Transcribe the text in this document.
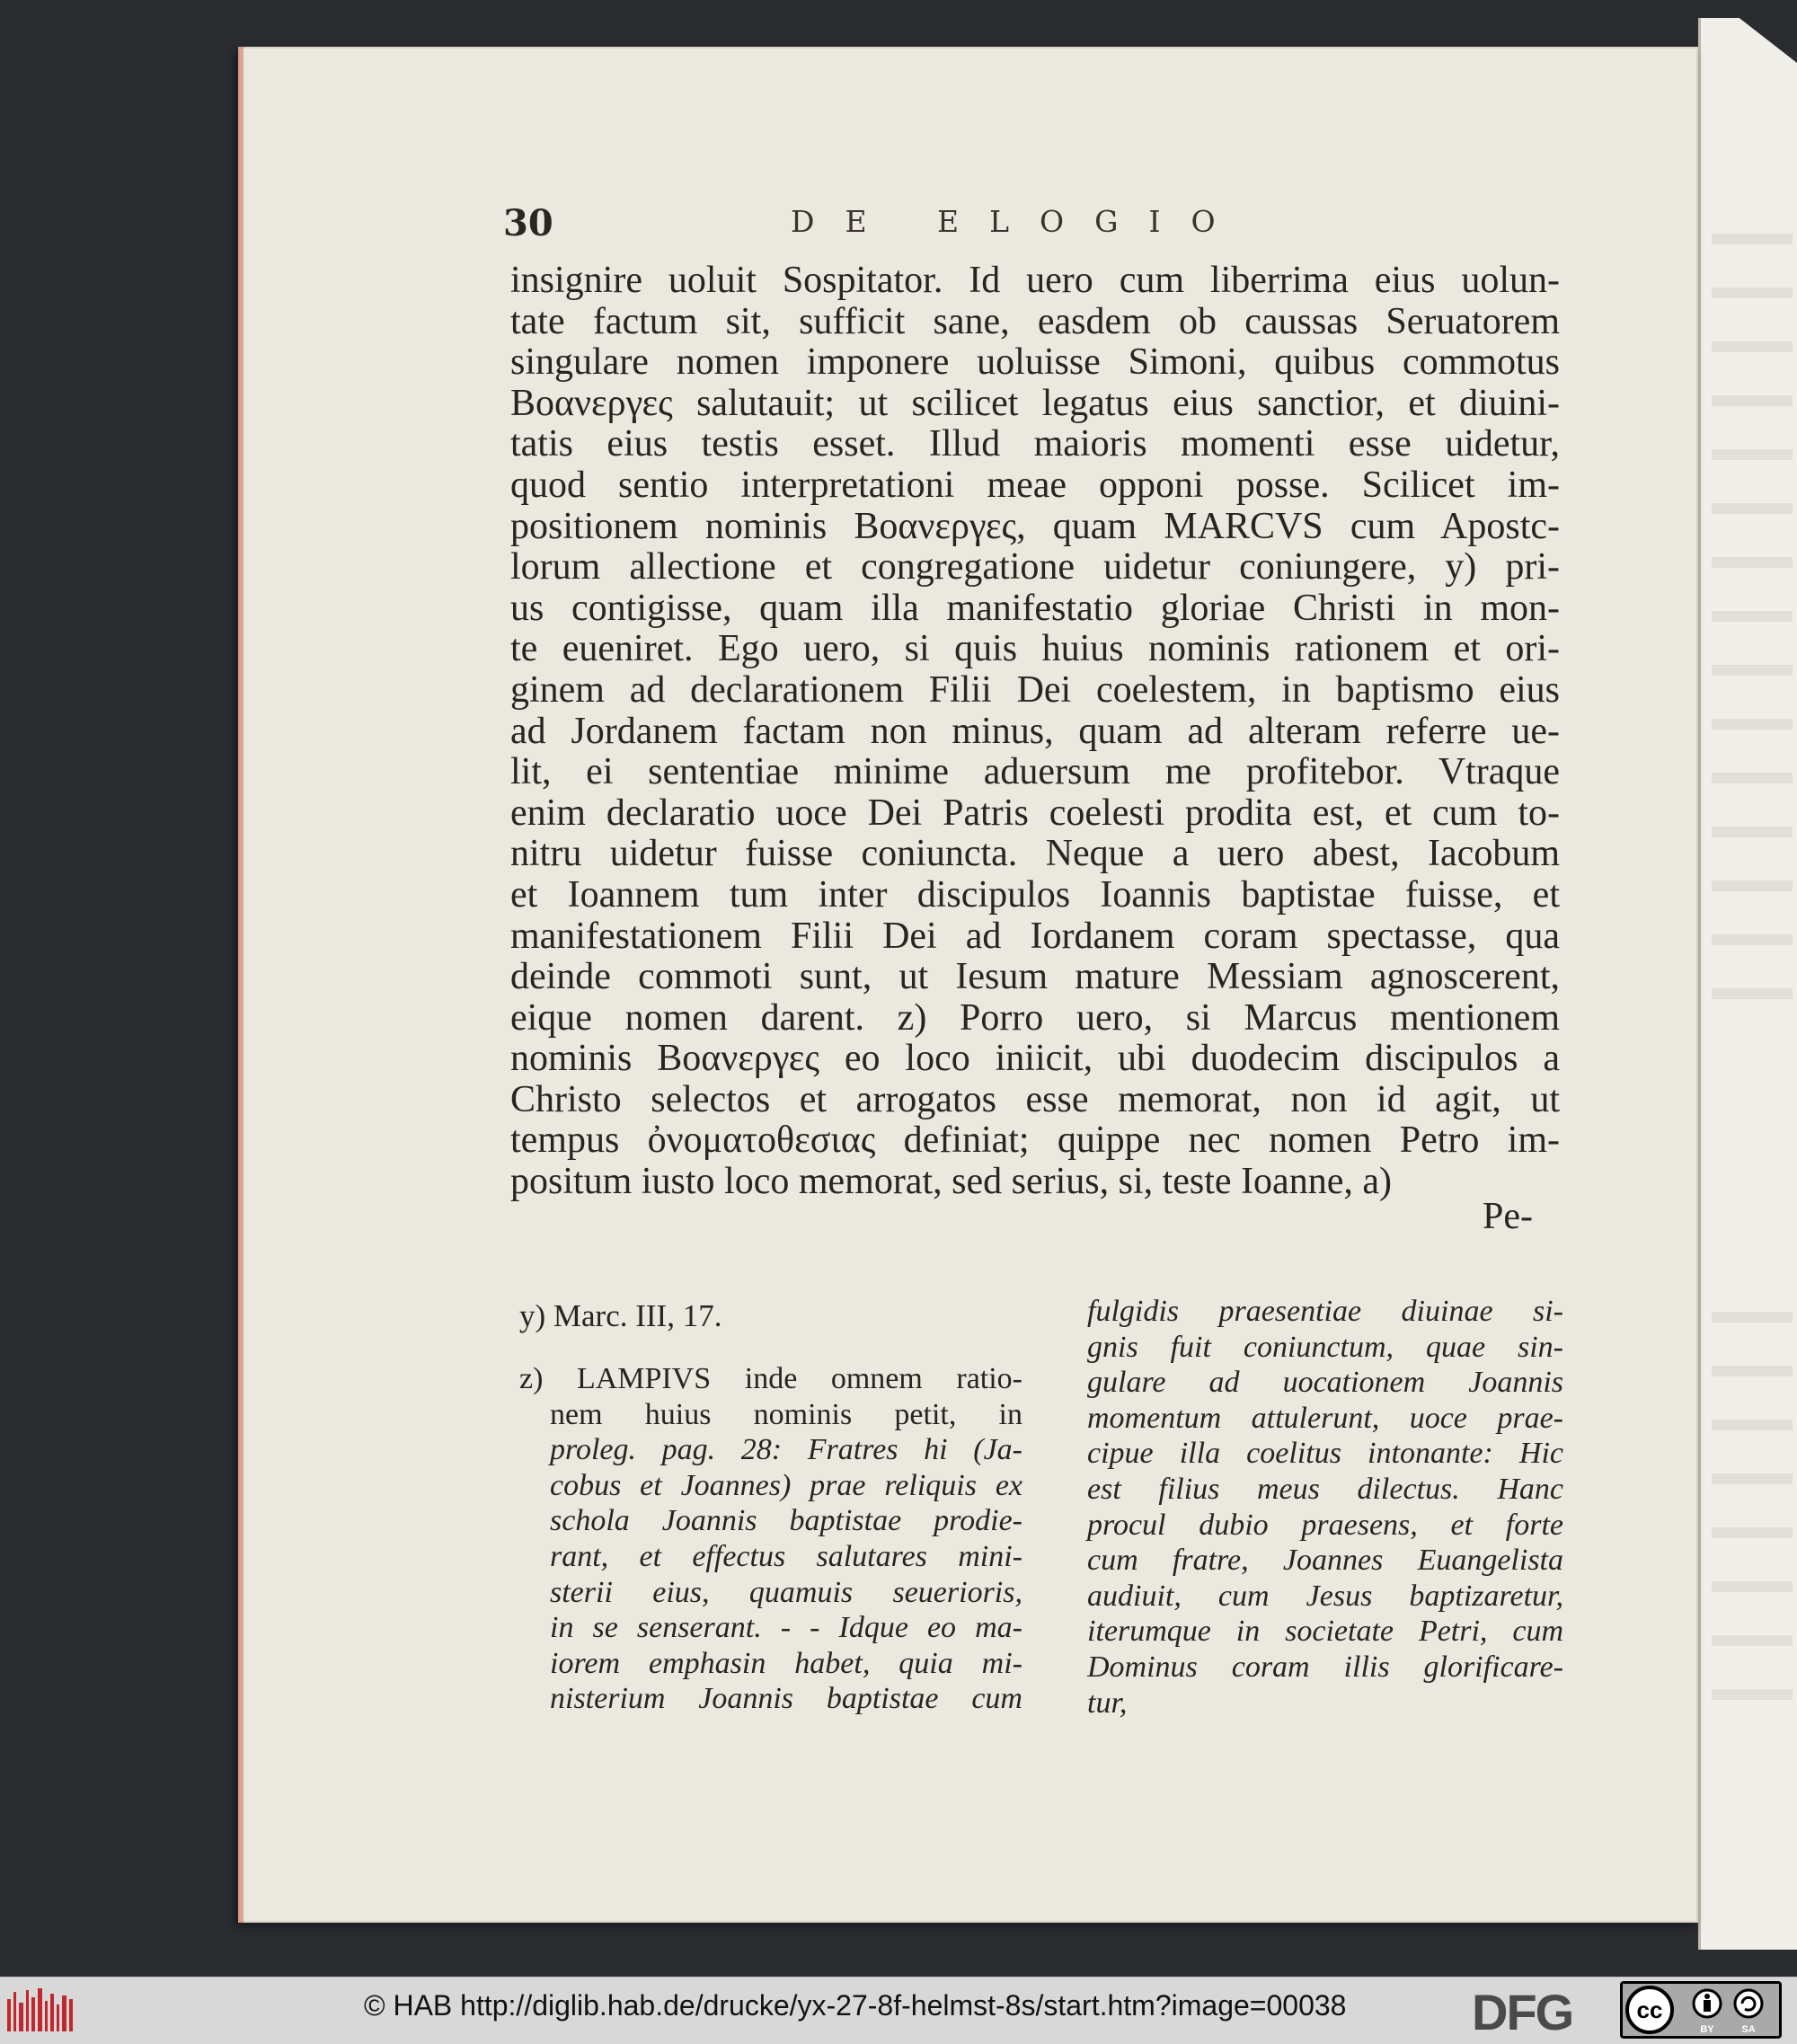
30	DE ELOGIO
insignire uoluit Sospitator. Id uero cum liberrima eius uolun-
tate factum sit, sufficit sane, easdem ob caussas Seruatorem
singulare nomen imponere uoluisse Simoni, quibus commotus
Βοανεργες salutauit; ut scilicet legatus eius sanctior, et diuini-
tatis eius testis esset. Illud maioris momenti esse uidetur,
quod sentio interpretationi meae opponi posse. Scilicet im-
positionem nominis Βοανεργες, quam MARCVS cum Apostc-
lorum allectione et congregatione uidetur coniungere, y) pri-
us contigisse, quam illa manifestatio gloriae Christi in mon-
te eueniret. Ego uero, si quis huius nominis rationem et ori-
ginem ad declarationem Filii Dei coelestem, in baptismo eius
ad Jordanem factam non minus, quam ad alteram referre ue-
lit, ei sententiae minime aduersum me profitebor. Vtraque
enim declaratio uoce Dei Patris coelesti prodita est, et cum to-
nitru uidetur fuisse coniuncta. Neque a uero abest, Iacobum
et Ioannem tum inter discipulos Ioannis baptistae fuisse, et
manifestationem Filii Dei ad Iordanem coram spectasse, qua
deinde commoti sunt, ut Iesum mature Messiam agnoscerent,
eique nomen darent. z) Porro uero, si Marcus mentionem
nominis Βοανεργες eo loco iniicit, ubi duodecim discipulos a
Christo selectos et arrogatos esse memorat, non id agit, ut
tempus ὀνοματοθεσιας definiat; quippe nec nomen Petro im-
positum iusto loco memorat, sed serius, si, teste Ioanne, a)
Pe-
y) Marc. III, 17.
z) LAMPIVS inde omnem ratio-
nem huius nominis petit, in
proleg. pag. 28: Fratres hi (Ja-
cobus et Joannes) prae reliquis ex
schola Joannis baptistae prodie-
rant, et effectus salutares mini-
sterii eius, quamuis seuerioris,
in se senserant. - - Idque eo ma-
iorem emphasin habet, quia mi-
nisterium Joannis baptistae cum
fulgidis praesentiae diuinae si-
gnis fuit coniunctum, quae sin-
gulare ad uocationem Joannis
momentum attulerunt, uoce prae-
cipue illa coelitus intonante: Hic
est filius meus dilectus. Hanc
procul dubio praesens, et forte
cum fratre, Joannes Euangelista
audiuit, cum Jesus baptizaretur,
iterumque in societate Petri, cum
Dominus coram illis glorificare-
tur,
© HAB http://diglib.hab.de/drucke/yx-27-8f-helmst-8s/start.htm?image=00038 DFG	cc
BY	SA
